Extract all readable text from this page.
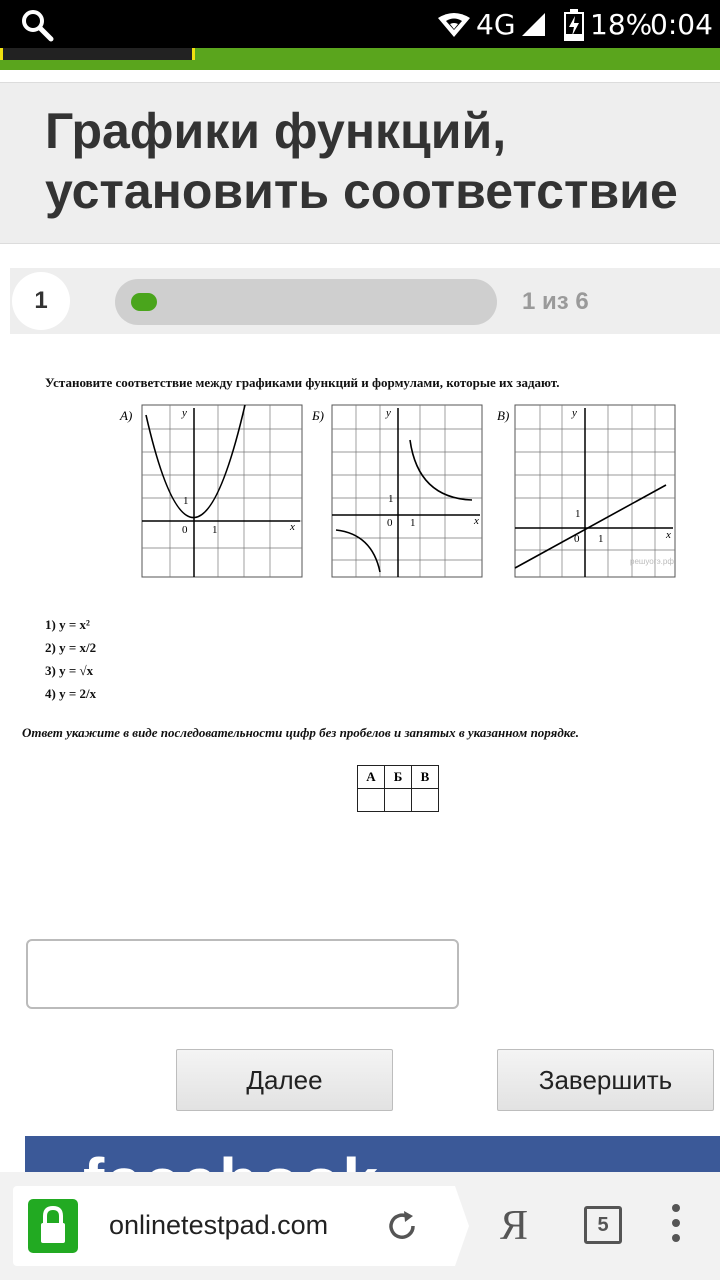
4G	18%
0:04
Графики функций, установить соответствие
1	1 из 6
Установите соответствие между графиками функций и формулами, которые их задают.
А)	y
x
0 1
1
Б)	y
x
0 1
1
В)	y
x
0 1
1
решуогэ.рф
1) y = x²
2) y = x/2
3) y = √x
4) y = 2/x
Ответ укажите в виде последовательности цифр без пробелов и запятых в указанном порядке.
А	Б	В

Далее	Завершить
onlinetestpad.com	Я	5
